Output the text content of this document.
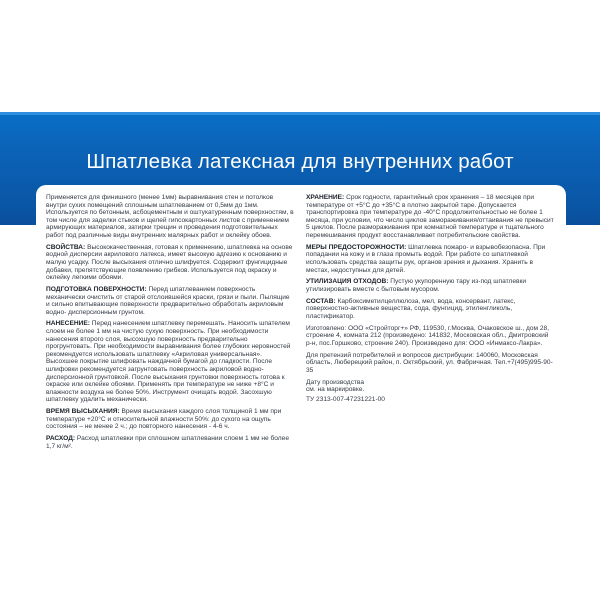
Шпатлевка латексная для внутренних работ

Применяется для финишного (менее 1мм) выравнивания стен и потолков внутри сухих помещений сплошным шпатлеванием от 0,5мм до 1мм. Используется по бетонным, асбоцементным и оштукатуренным поверхностям, в том числе для заделки стыков и щелей гипсокартонных листов с применением армирующих материалов, затирки трещин и проведения подготовительных работ под различные виды внутренних малярных работ и оклейку обоев.

СВОЙСТВА: Высококачественная, готовая к применению, шпатлевка на основе водной дисперсии акрилового латекса, имеет высокую адгезию к основанию и малую усадку. После высыхания отлично шлифуется. Содержит фунгицидные добавки, препятствующие появлению грибков. Используется под окраску и оклейку легкими обоями.

ПОДГОТОВКА ПОВЕРХНОСТИ: Перед шпатлеванием поверхность механически очистить от старой отслоившейся краски, грязи и пыли. Пылящие и сильно впитывающие поверхности предварительно обработать акриловым водно- дисперсионным грунтом.

НАНЕСЕНИЕ: Перед нанесением шпатлевку перемешать. Наносить шпателем слоем не более 1 мм на чистую сухую поверхность. При необходимости нанесения второго слоя, высохшую поверхность предварительно прогрунтовать. При необходимости выравнивания более глубоких неровностей рекомендуется использовать шпатлевку «Акриловая универсальная». Высохшее покрытие шлифовать наждачной бумагой до гладкости. После шлифовки рекомендуется загрунтовать поверхность акриловой водно-дисперсионной грунтовкой. После высыхания грунтовки поверхность готова к окраске или оклейке обоями. Применять при температуре не ниже +8°С и влажности воздуха не более 50%. Инструмент очищать водой. Засохшую шпатлевку удалить механически.

ВРЕМЯ ВЫСЫХАНИЯ: Время высыхания каждого слоя толщиной 1 мм при температуре +20°С и относительной влажности 50%: до сухого на ощупь состояния – не менее 2 ч.; до повторного нанесения - 4-6 ч.

РАСХОД: Расход шпатлевки при сплошном шпатлевании слоем 1 мм не более 1,7 кг/м².

ХРАНЕНИЕ: Срок годности, гарантийный срок хранения – 18 месяцев при температуре от +5°С до +35°С в плотно закрытой таре. Допускается транспортировка при температуре до -40°С продолжительностью не более 1 месяца, при условии, что число циклов замораживания/оттаивания не превысит 5 циклов. После размораживания при комнатной температуре и тщательного перемешивания продукт восстанавливает потребительские свойства.

МЕРЫ ПРЕДОСТОРОЖНОСТИ: Шпатлевка пожаро- и взрывобезопасна. При попадании на кожу и в глаза промыть водой. При работе со шпатлевкой использовать средства защиты рук, органов зрения и дыхания. Хранить в местах, недоступных для детей.

УТИЛИЗАЦИЯ ОТХОДОВ: Пустую укупоренную тару из-под шпатлевки утилизировать вместе с бытовым мусором.

СОСТАВ: Карбоксиметилцеллюлоза, мел, вода, консервант, латекс, поверхностно-активные вещества, сода, фунгицид, этиленгликоль, пластификатор.

Изготовлено: ООО «Стройторг+» РФ, 119530, г.Москва, Очаковское ш., дом 28, строение 4, комната 212 (произведено: 141832, Московская обл., Дмитровский р-н, пос.Горшково, строение 240). Произведено для: ООО «Инмаксо-Лакра».

Для претензий потребителей и вопросов дистрибуции: 140060, Московская область, Люберецкий район, п. Октябрьский, ул. Фабричная. Тел.+7(495)995-90-35

Дату производства
см. на маркировке.

ТУ 2313-007-47231221-00
